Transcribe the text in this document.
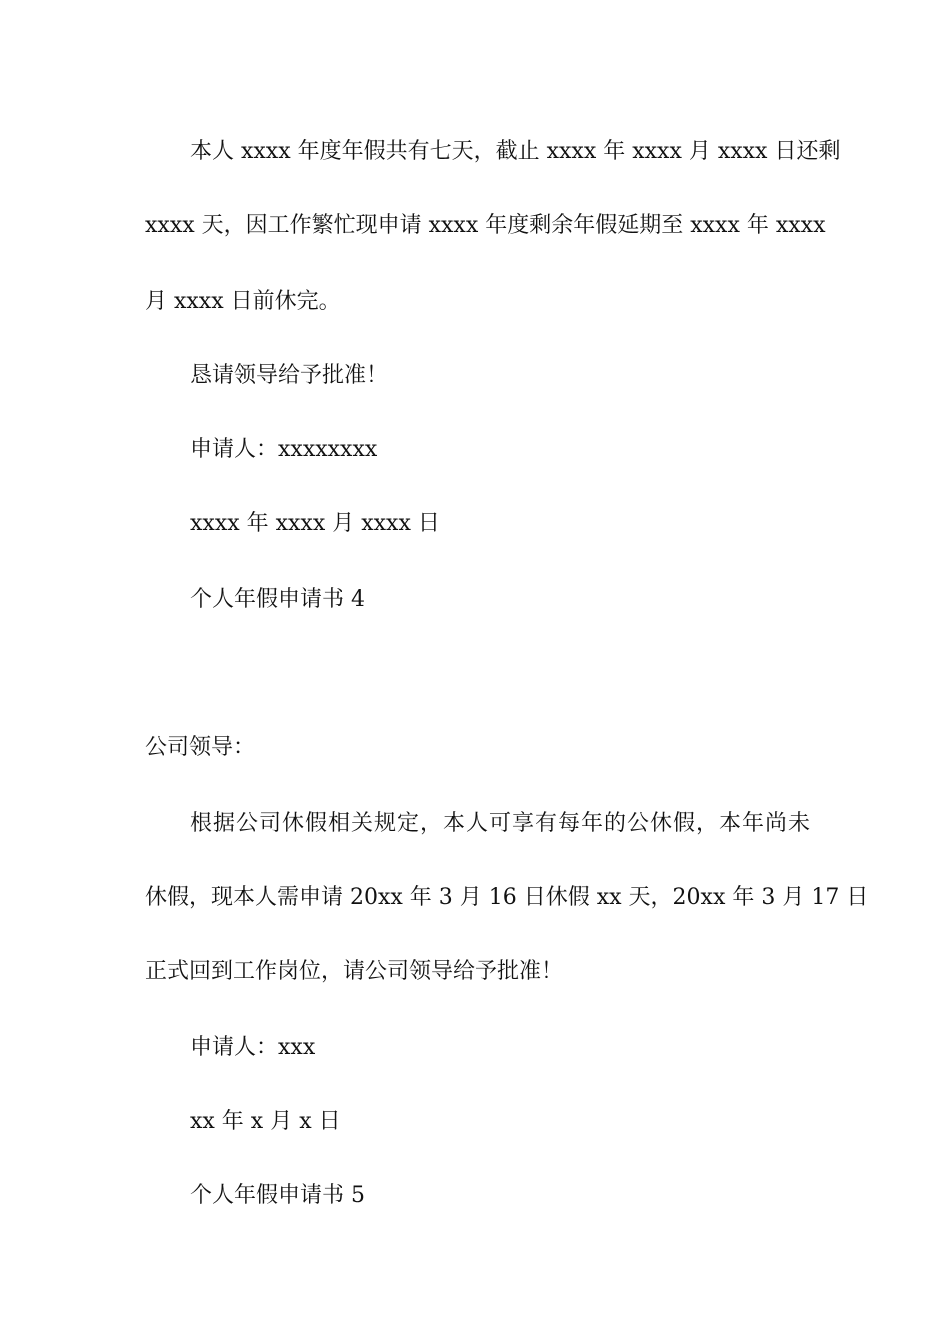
本人 xxxx 年度年假共有七天，截止 xxxx 年 xxxx 月 xxxx 日还剩

xxxx 天，因工作繁忙现申请 xxxx 年度剩余年假延期至 xxxx 年 xxxx

月 xxxx 日前休完。

恳请领导给予批准！

申请人：xxxxxxxx

xxxx 年 xxxx 月 xxxx 日

个人年假申请书 4

公司领导：

根据公司休假相关规定，本人可享有每年的公休假，本年尚未

休假，现本人需申请 20xx 年 3 月 16 日休假 xx 天，20xx 年 3 月 17 日

正式回到工作岗位，请公司领导给予批准！

申请人：xxx

xx 年 x 月 x 日

个人年假申请书 5
